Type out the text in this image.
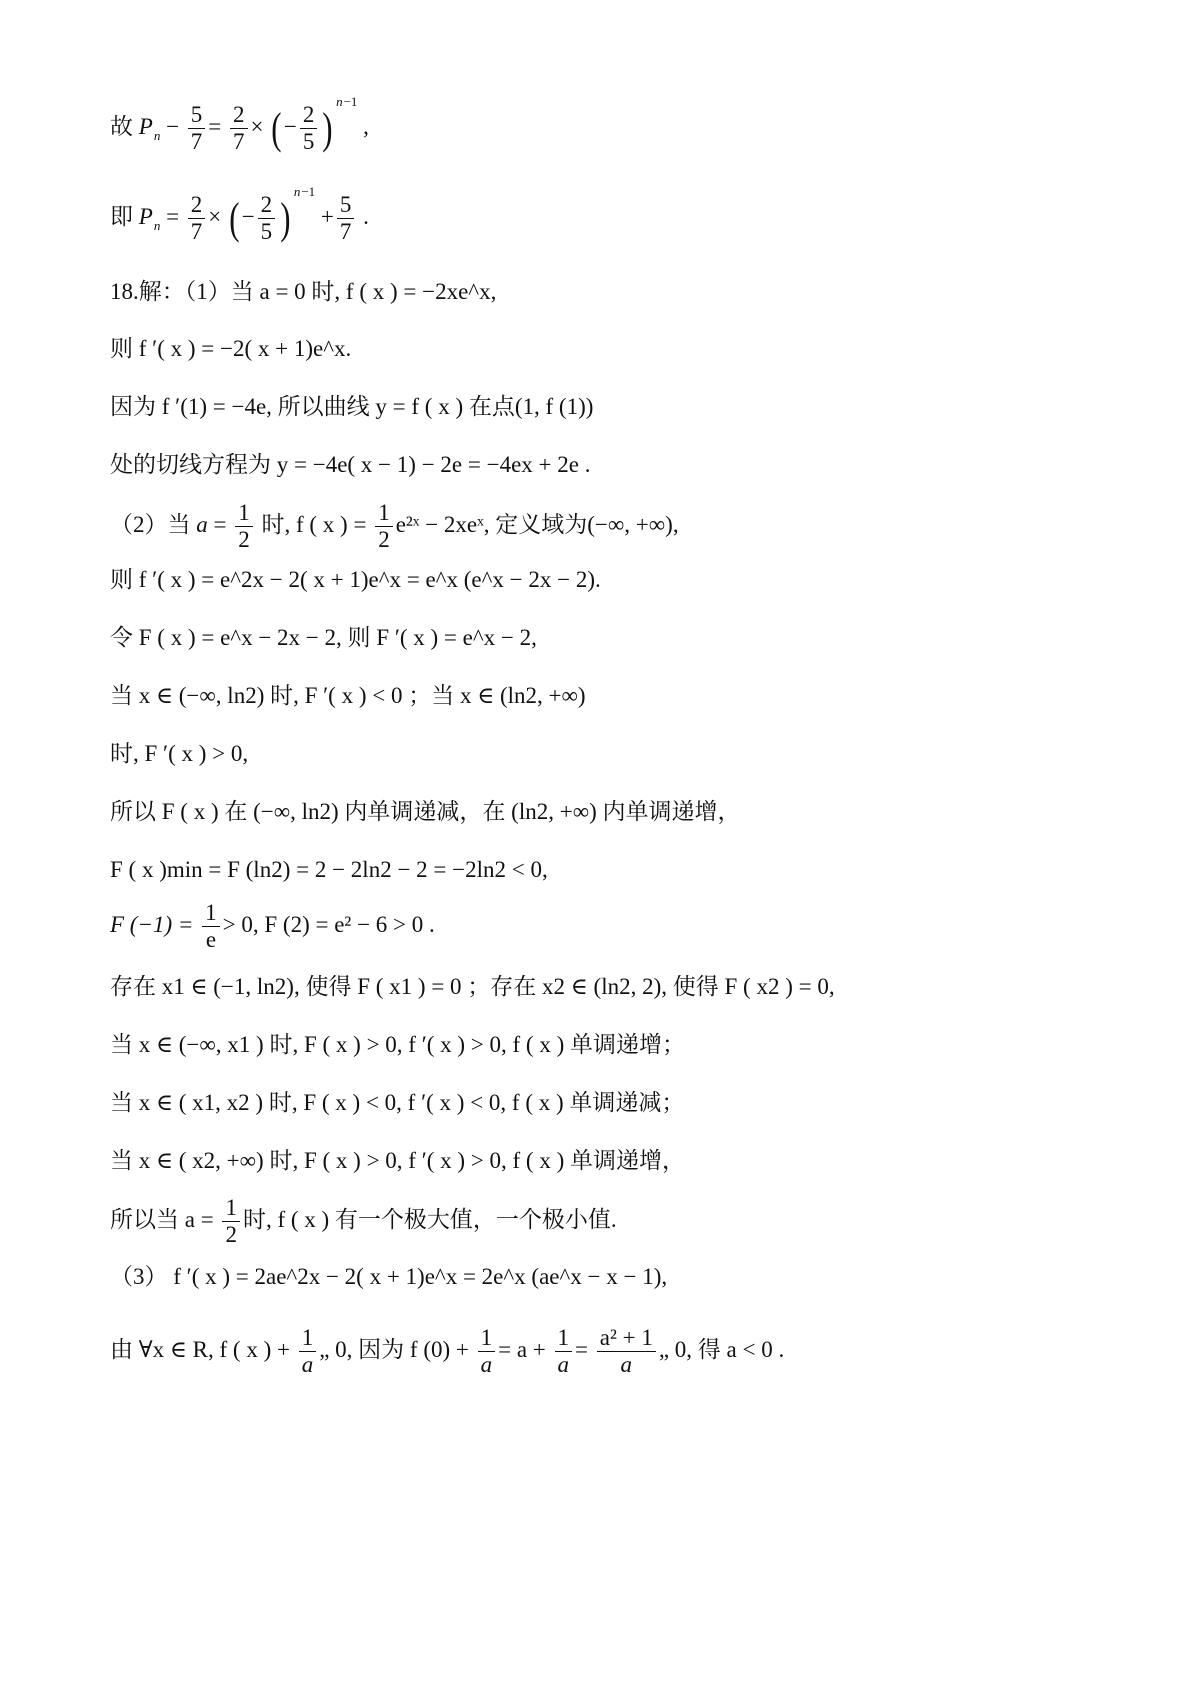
故 $P_n - \frac{5}{7} = \frac{2}{7}$ × (− $\frac{2}{5} )^{n-1}$ ,
即 $P_n = \frac{2}{7}$ × (− $\frac{2}{5} )^{n-1} + \frac{5}{7}$ .
18.解：（1）当 a = 0 时, f ( x ) = −2xe^x,
则 f ′( x ) = −2( x + 1)e^x.
因为 f ′(1) = −4e, 所以曲线 y = f ( x ) 在点(1, f (1))
处的切线方程为 y = −4e( x − 1) − 2e = −4ex + 2e .
（2）当 $a = \frac{1}{2}$ 时, f ( x ) = $\frac{1}{2}$ e²ˣ − 2xeˣ, 定义域为(−∞, +∞),
则 f ′( x ) = e^2x − 2( x + 1)e^x = e^x (e^x − 2x − 2).
令 F ( x ) = e^x − 2x − 2, 则 F ′( x ) = e^x − 2,
当 x ∈ (−∞, ln2) 时, F ′( x ) < 0 ；当 x ∈ (ln2, +∞)
时, F ′( x ) > 0,
所以 F ( x ) 在 (−∞, ln2) 内单调递减，在 (ln2, +∞) 内单调递增，
F ( x )min = F (ln2) = 2 − 2ln2 − 2 = −2ln2 < 0,
F $(-1) = \frac{1}{e} > 0$, F (2) = e² − 6 > 0 .
存在 x1 ∈ (−1, ln2), 使得 F ( x1 ) = 0 ；存在 x2 ∈ (ln2, 2), 使得 F ( x2 ) = 0,
当 x ∈ (−∞, x1 ) 时, F ( x ) > 0, f ′( x ) > 0, f ( x ) 单调递增；
当 x ∈ ( x1, x2 ) 时, F ( x ) < 0, f ′( x ) < 0, f ( x ) 单调递减；
当 x ∈ ( x2, +∞) 时, F ( x ) > 0, f ′( x ) > 0, f ( x ) 单调递增，
所以当 $a = \frac{1}{2}$ 时, f ( x ) 有一个极大值，一个极小值.
（3） f ′( x ) = 2ae^2x − 2( x + 1)e^x = 2e^x (ae^x − x − 1),
由 ∀x ∈ R, f ( x ) + $\frac{1}{a}$ „ 0, 因为 f $(0) + \frac{1}{a} = a + \frac{1}{a} = \frac{\text{a² + 1}}{a}$ „ 0, 得 a < 0 .
